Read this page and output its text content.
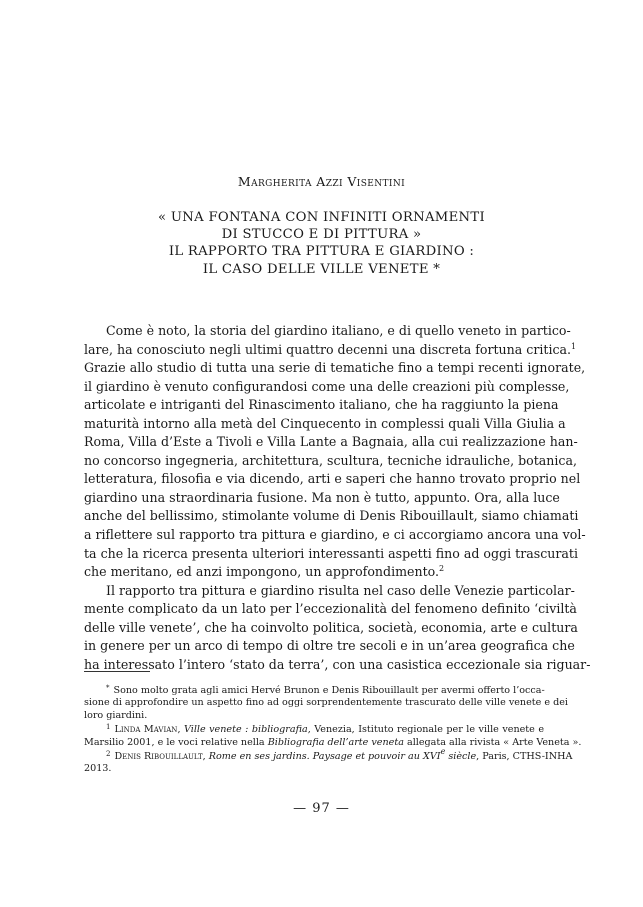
Margherita Azzi Visentini
« UNA FONTANA CON INFINITI ORNAMENTI
DI STUCCO E DI PITTURA »
IL RAPPORTO TRA PITTURA E GIARDINO :
IL CASO DELLE VILLE VENETE *

Come è noto, la storia del giardino italiano, e di quello veneto in partico-
lare, ha conosciuto negli ultimi quattro decenni una discreta fortuna critica.$^1$
Grazie allo studio di tutta una serie di tematiche fino a tempi recenti ignorate,
il giardino è venuto configurandosi come una delle creazioni più complesse,
articolate e intriganti del Rinascimento italiano, che ha raggiunto la piena
maturità intorno alla metà del Cinquecento in complessi quali Villa Giulia a
Roma, Villa d’Este a Tivoli e Villa Lante a Bagnaia, alla cui realizzazione han-
no concorso ingegneria, architettura, scultura, tecniche idrauliche, botanica,
letteratura, filosofia e via dicendo, arti e saperi che hanno trovato proprio nel
giardino una straordinaria fusione. Ma non è tutto, appunto. Ora, alla luce
anche del bellissimo, stimolante volume di Denis Ribouillault, siamo chiamati
a riflettere sul rapporto tra pittura e giardino, e ci accorgiamo ancora una vol-
ta che la ricerca presenta ulteriori interessanti aspetti fino ad oggi trascurati
che meritano, ed anzi impongono, un approfondimento.$^2$

Il rapporto tra pittura e giardino risulta nel caso delle Venezie particolar-
mente complicato da un lato per l’eccezionalità del fenomeno definito ‘civiltà
delle ville venete’, che ha coinvolto politica, società, economia, arte e cultura
in genere per un arco di tempo di oltre tre secoli e in un’area geografica che
ha interessato l’intero ‘stato da terra’, con una casistica eccezionale sia riguar-

* Sono molto grata agli amici Hervé Brunon e Denis Ribouillault per avermi offerto l’occa-
sione di approfondire un aspetto fino ad oggi sorprendentemente trascurato delle ville venete e dei
loro giardini.
$^1$ Linda Mavian, Ville venete : bibliografia, Venezia, Istituto regionale per le ville venete e
Marsilio 2001, e le voci relative nella Bibliografia dell’arte veneta allegata alla rivista « Arte Veneta ».
$^2$ Denis Ribouillault, Rome en ses jardins. Paysage et pouvoir au XVIe siècle, Paris, CTHS-INHA
2013.
— 97 —
